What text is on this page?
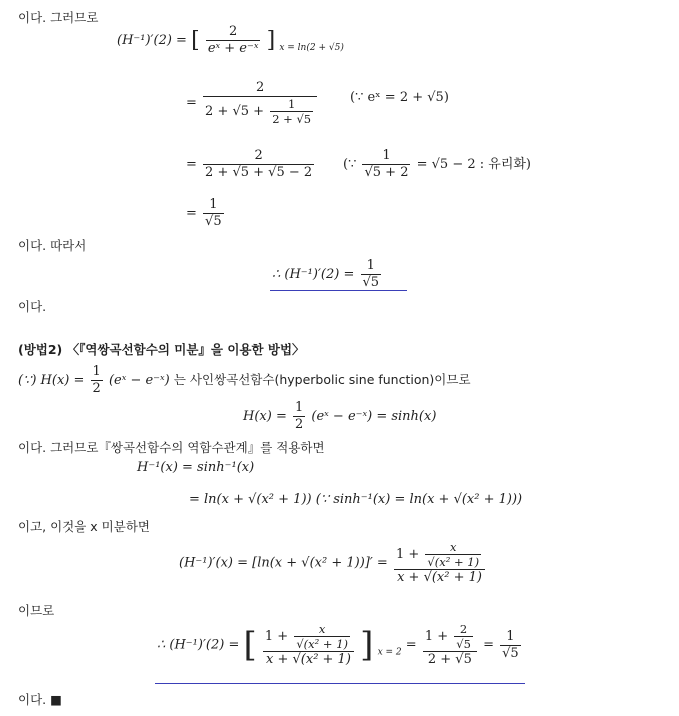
이다. 그러므로
(H⁻¹)′(2) = [ $\frac{2}{\text{eˣ + e⁻ˣ}}$ ] $_{x = ln(2 + √5)}$
= $\frac{2}{2 + √5 + \frac{1}{2 + √5}}$	(∵ eˣ = 2 + √5)
= $\frac{2}{2 + √5 + √5 - 2}$ (∵ $\frac{1}{√5 + 2} = √5 - 2$ : 유리화)
= $\frac{1}{√5}$
이다. 따라서
∴ $(H^{-1})'(2) = \frac{1}{√5}$
이다.
(방법2) 〈『역쌍곡선함수의 미분』을 이용한 방법〉
(∵) $H(x) = \frac{1}{2}$ (eˣ − e⁻ˣ) 는 사인쌍곡선함수(hyperbolic sine function)이므로
$H(x) = \frac{1}{2}$ (eˣ − e⁻ˣ) = sinh(x)
이다. 그러므로『쌍곡선함수의 역함수관계』를 적용하면
H⁻¹(x) = sinh⁻¹(x)
= ln(x + √(x² + 1)) (∵ sinh⁻¹(x) = ln(x + √(x² + 1)))
이고, 이것을 x 미분하면
$(H^{-1})'(x) = [\ln(x + √(x^2 + 1))]' = \frac{1 + \frac{x}{\text{√(x² + 1)}}}{\text{x + √(x² + 1)}}$
이므로
∴ (H⁻¹)′(2) = [ $\frac{1 + \frac{x}{\text{√(x² + 1)}}}{\text{x + √(x² + 1)}}$ ] $_{x = 2} = \frac{1 + \frac{2}{√5}}{2 + √5} = \frac{1}{√5}$
이다. ■
